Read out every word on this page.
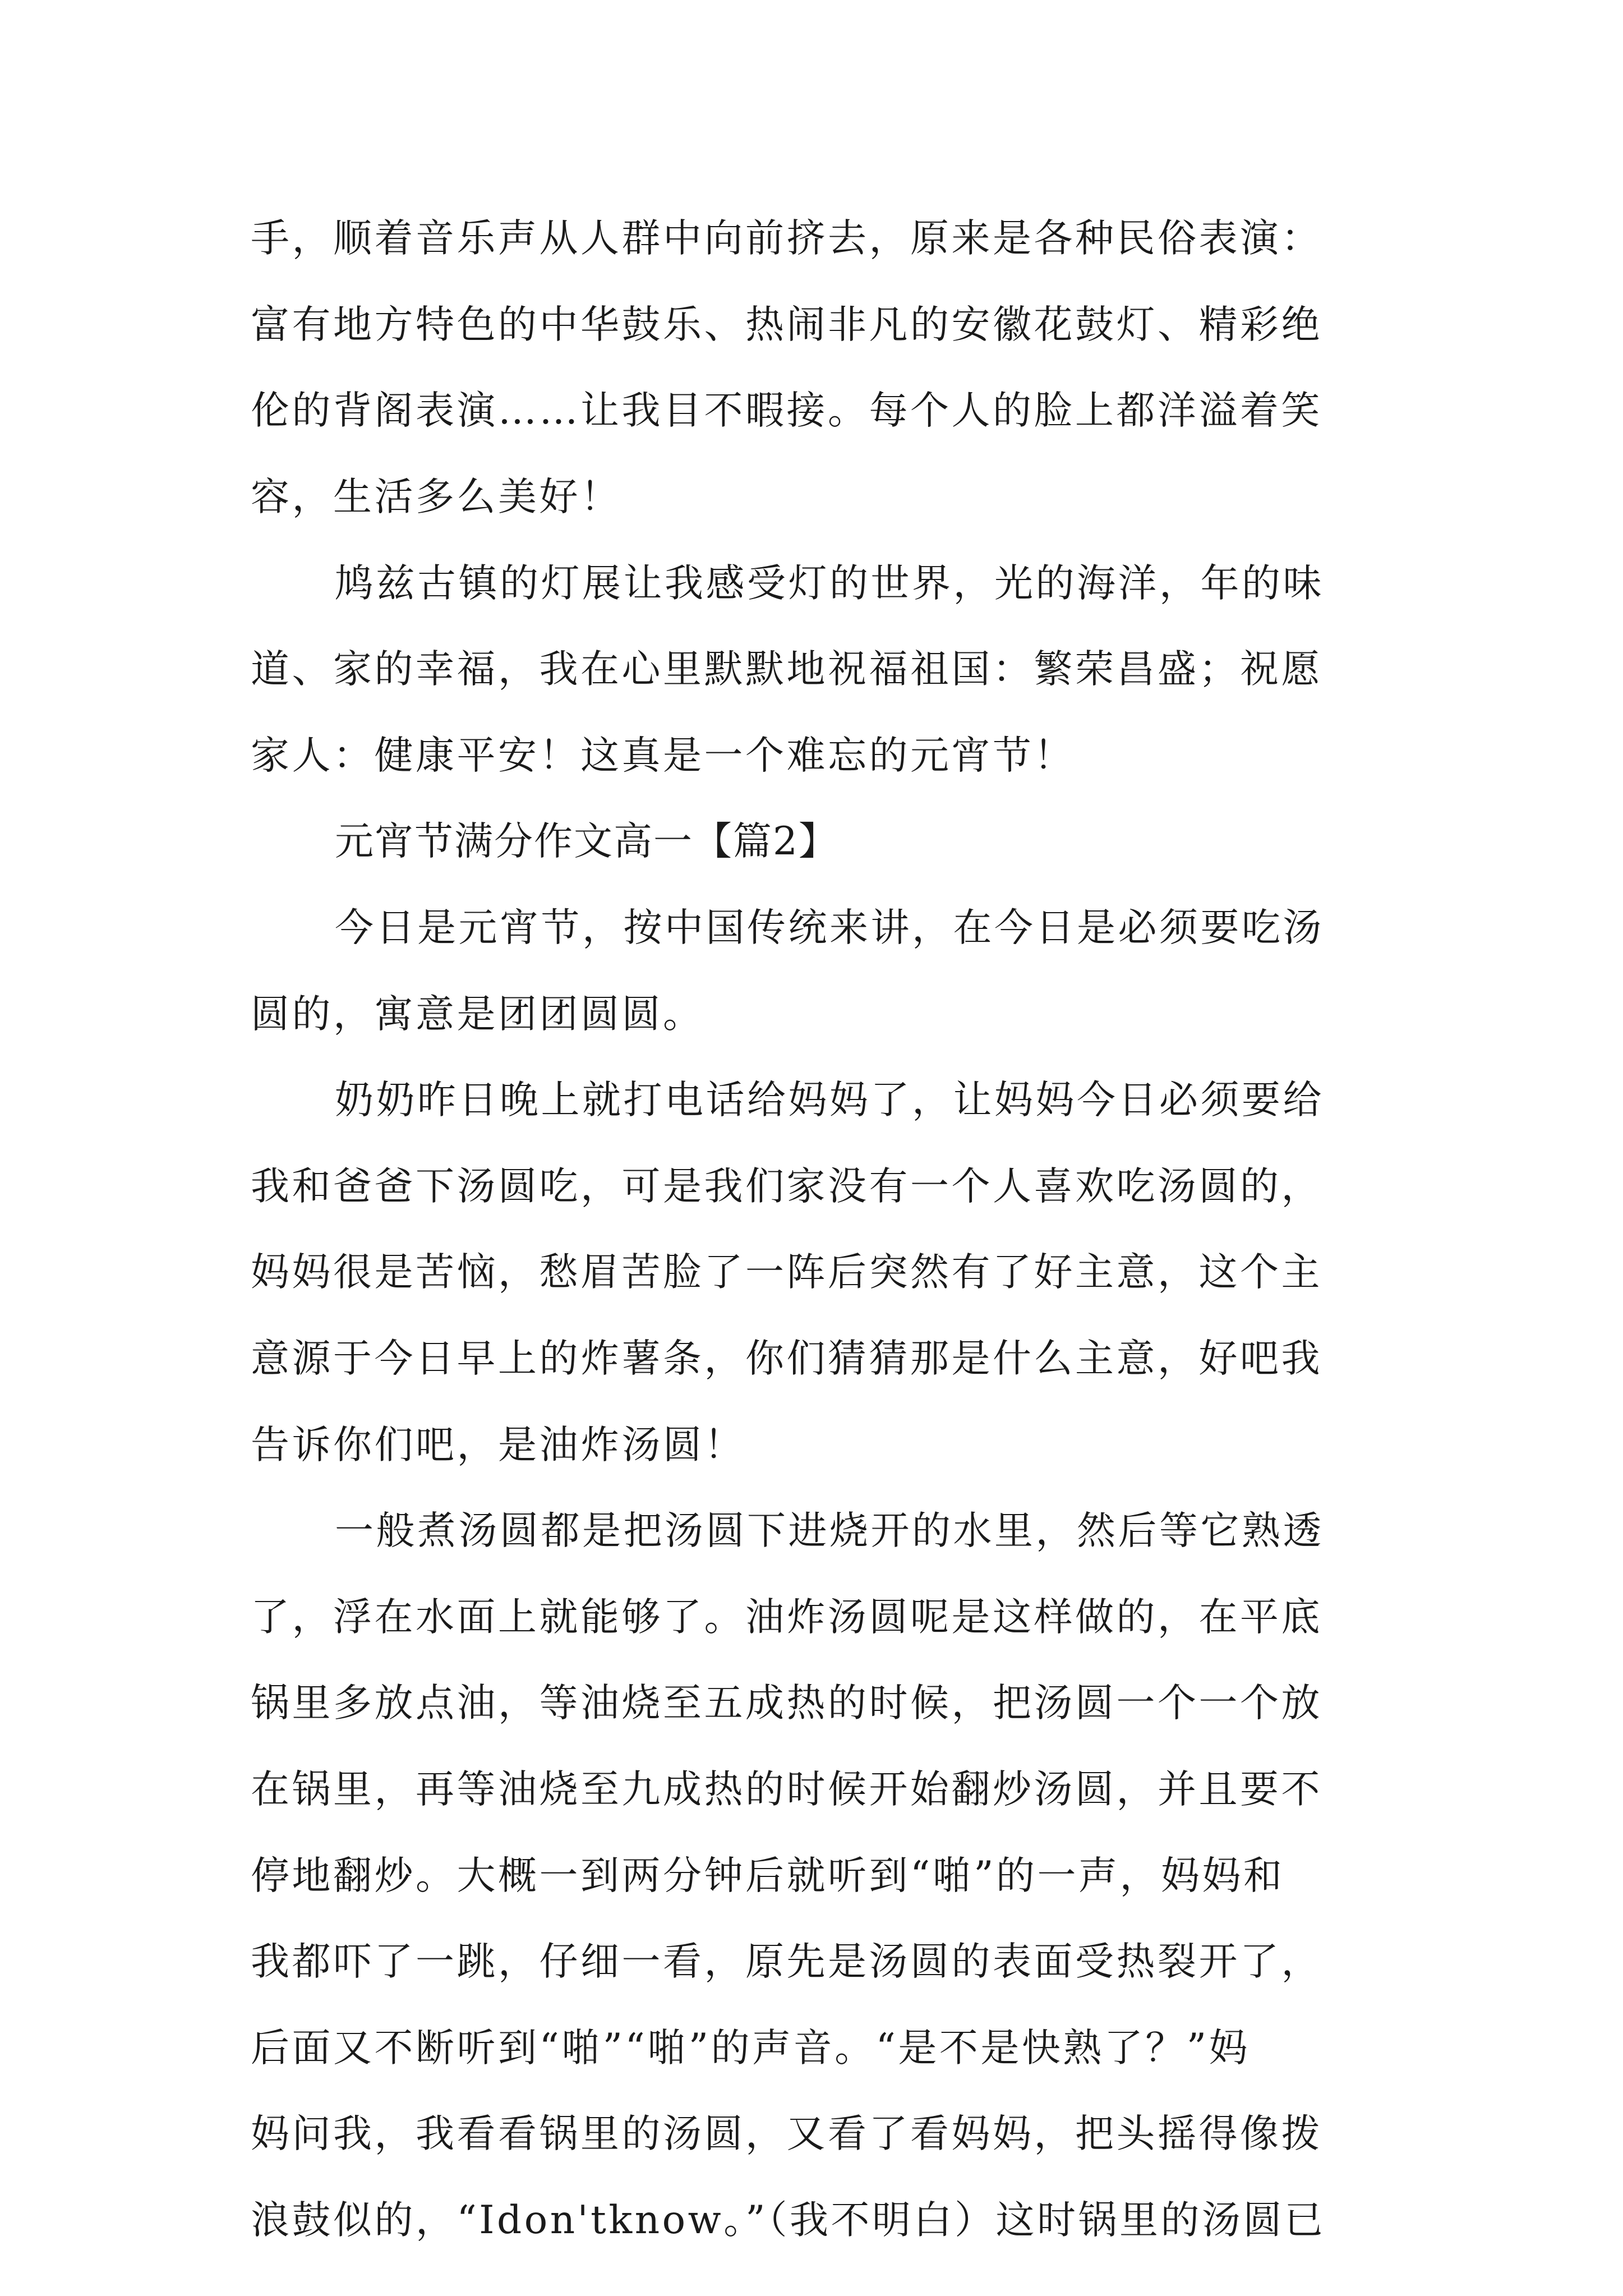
手，顺着音乐声从人群中向前挤去，原来是各种民俗表演：
富有地方特色的中华鼓乐、热闹非凡的安徽花鼓灯、精彩绝
伦的背阁表演……让我目不暇接。每个人的脸上都洋溢着笑
容，生活多么美好！
鸠兹古镇的灯展让我感受灯的世界，光的海洋，年的味
道、家的幸福，我在心里默默地祝福祖国：繁荣昌盛；祝愿
家人：健康平安！这真是一个难忘的元宵节！
元宵节满分作文高一【篇2】
今日是元宵节，按中国传统来讲，在今日是必须要吃汤
圆的，寓意是团团圆圆。
奶奶昨日晚上就打电话给妈妈了，让妈妈今日必须要给
我和爸爸下汤圆吃，可是我们家没有一个人喜欢吃汤圆的，
妈妈很是苦恼，愁眉苦脸了一阵后突然有了好主意，这个主
意源于今日早上的炸薯条，你们猜猜那是什么主意，好吧我
告诉你们吧，是油炸汤圆！
一般煮汤圆都是把汤圆下进烧开的水里，然后等它熟透
了，浮在水面上就能够了。油炸汤圆呢是这样做的，在平底
锅里多放点油，等油烧至五成热的时候，把汤圆一个一个放
在锅里，再等油烧至九成热的时候开始翻炒汤圆，并且要不
停地翻炒。大概一到两分钟后就听到“啪”的一声，妈妈和
我都吓了一跳，仔细一看，原先是汤圆的表面受热裂开了，
后面又不断听到“啪”“啪”的声音。“是不是快熟了？”妈
妈问我，我看看锅里的汤圆，又看了看妈妈，把头摇得像拨
浪鼓似的，“Idon'tknow。”（我不明白）这时锅里的汤圆已
